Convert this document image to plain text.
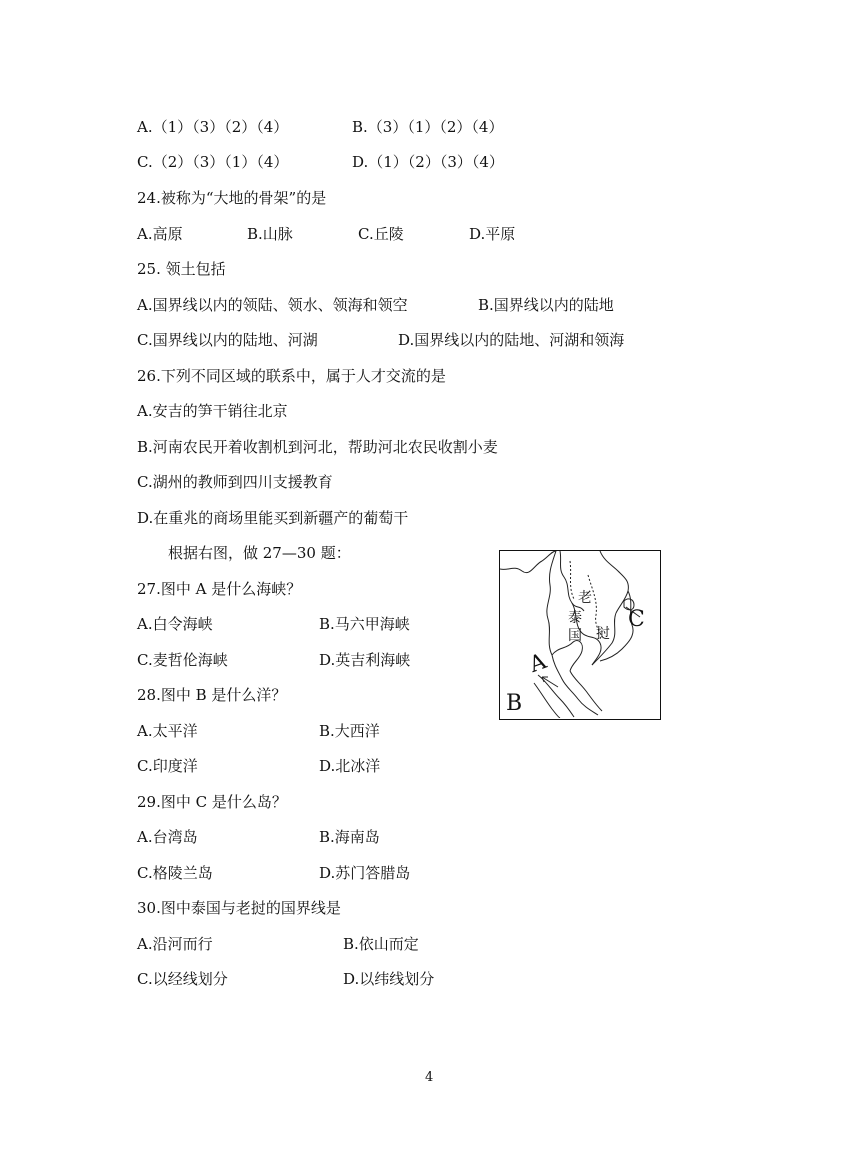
A.（1）（3）（2）（4）	B.（3）（1）（2）（4）
C.（2）（3）（1）（4）	D.（1）（2）（3）（4）
24.被称为“大地的骨架”的是
A.高原	B.山脉	C.丘陵	D.平原
25. 领土包括
A.国界线以内的领陆、领水、领海和领空	B.国界线以内的陆地
C.国界线以内的陆地、河湖	D.国界线以内的陆地、河湖和领海
26.下列不同区域的联系中，属于人才交流的是
A.安吉的笋干销往北京
B.河南农民开着收割机到河北，帮助河北农民收割小麦
C.湖州的教师到四川支援教育
D.在重兆的商场里能买到新疆产的葡萄干
根据右图，做 27—30 题：
27.图中 A 是什么海峡？
A.白令海峡	B.马六甲海峡
C.麦哲伦海峡	D.英吉利海峡
28.图中 B 是什么洋？
A.太平洋	B.大西洋
C.印度洋	D.北冰洋
29.图中 C 是什么岛？
A.台湾岛	B.海南岛
C.格陵兰岛	D.苏门答腊岛
30.图中泰国与老挝的国界线是
A.沿河而行	B.依山而定
C.以经线划分	D.以纬线划分
C
A
B
老
挝
泰
国
4
